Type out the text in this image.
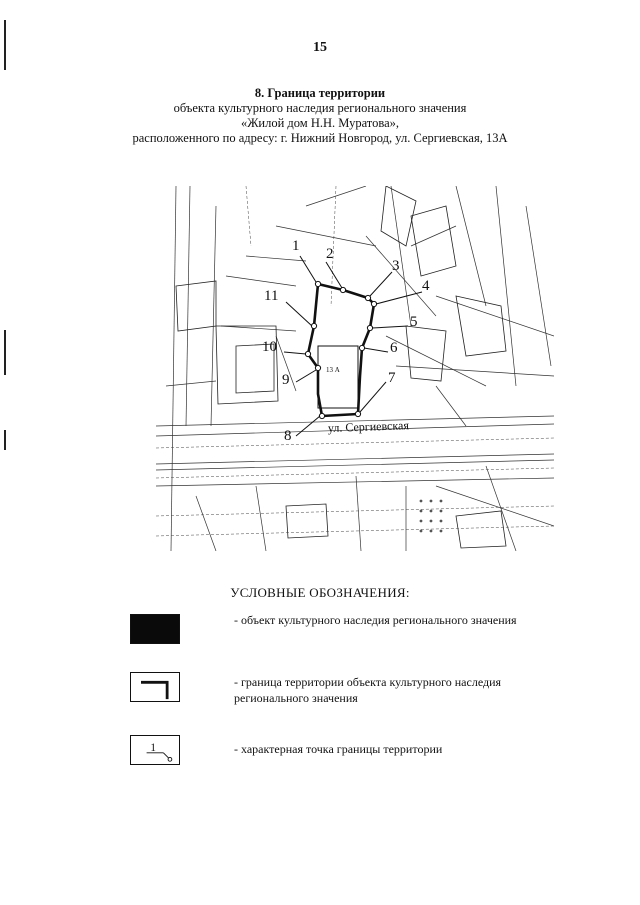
15
8. Граница территории
объекта культурного наследия регионального значения
«Жилой дом Н.Н. Муратова»,
расположенного по адресу: г. Нижний Новгород, ул. Сергиевская, 13А
13 А
1 2
3
4
5
6
7
8
9
10
11
ул. Сергиевская
УСЛОВНЫЕ ОБОЗНАЧЕНИЯ:
- объект культурного наследия регионального значения
- граница территории объекта культурного наследия регионального значения
1	- характерная точка границы территории
